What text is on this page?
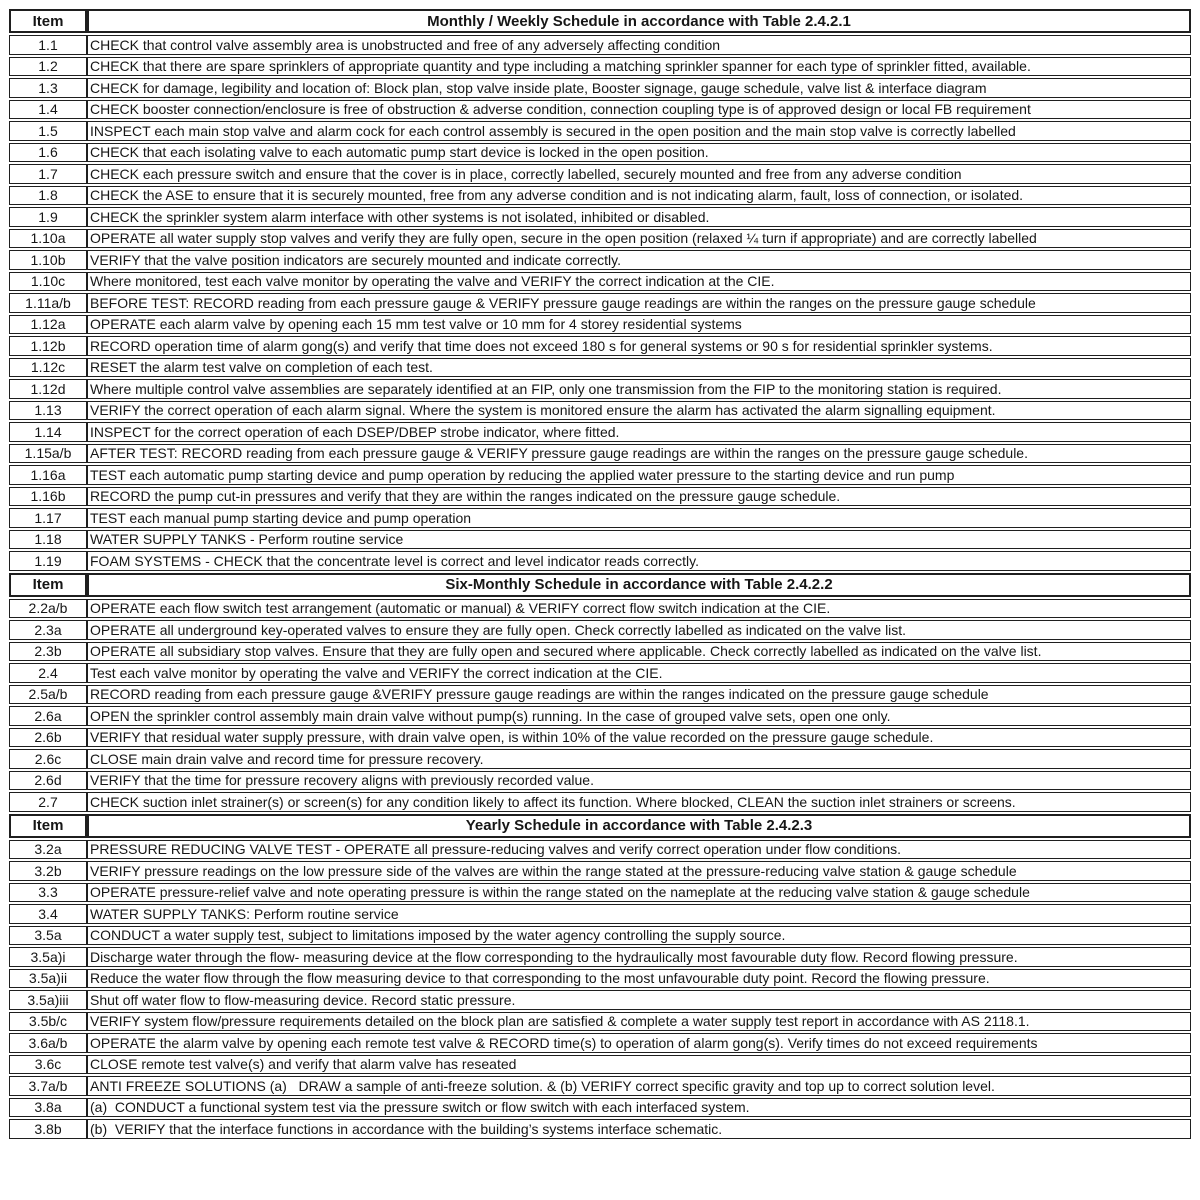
Item	Monthly / Weekly Schedule in accordance with Table 2.4.2.1
1.1	CHECK that control valve assembly area is unobstructed and free of any adversely affecting condition
1.2	CHECK that there are spare sprinklers of appropriate quantity and type including a matching sprinkler spanner for each type of sprinkler fitted, available.
1.3	CHECK for damage, legibility and location of: Block plan, stop valve inside plate, Booster signage, gauge schedule, valve list & interface diagram
1.4	CHECK booster connection/enclosure is free of obstruction & adverse condition, connection coupling type is of approved design or local FB requirement
1.5	INSPECT each main stop valve and alarm cock for each control assembly is secured in the open position and the main stop valve is correctly labelled
1.6	CHECK that each isolating valve to each automatic pump start device is locked in the open position.
1.7	CHECK each pressure switch and ensure that the cover is in place, correctly labelled, securely mounted and free from any adverse condition
1.8	CHECK the ASE to ensure that it is securely mounted, free from any adverse condition and is not indicating alarm, fault, loss of connection, or isolated.
1.9	CHECK the sprinkler system alarm interface with other systems is not isolated, inhibited or disabled.
1.10a	OPERATE all water supply stop valves and verify they are fully open, secure in the open position (relaxed ¼ turn if appropriate) and are correctly labelled
1.10b	VERIFY that the valve position indicators are securely mounted and indicate correctly.
1.10c	Where monitored, test each valve monitor by operating the valve and VERIFY the correct indication at the CIE.
1.11a/b	BEFORE TEST: RECORD reading from each pressure gauge & VERIFY pressure gauge readings are within the ranges on the pressure gauge schedule
1.12a	OPERATE each alarm valve by opening each 15 mm test valve or 10 mm for 4 storey residential systems
1.12b	RECORD operation time of alarm gong(s) and verify that time does not exceed 180 s for general systems or 90 s for residential sprinkler systems.
1.12c	RESET the alarm test valve on completion of each test.
1.12d	Where multiple control valve assemblies are separately identified at an FIP, only one transmission from the FIP to the monitoring station is required.
1.13	VERIFY the correct operation of each alarm signal. Where the system is monitored ensure the alarm has activated the alarm signalling equipment.
1.14	INSPECT for the correct operation of each DSEP/DBEP strobe indicator, where fitted.
1.15a/b	AFTER TEST: RECORD reading from each pressure gauge & VERIFY pressure gauge readings are within the ranges on the pressure gauge schedule.
1.16a	TEST each automatic pump starting device and pump operation by reducing the applied water pressure to the starting device and run pump
1.16b	RECORD the pump cut-in pressures and verify that they are within the ranges indicated on the pressure gauge schedule.
1.17	TEST each manual pump starting device and pump operation
1.18	WATER SUPPLY TANKS - Perform routine service
1.19	FOAM SYSTEMS - CHECK that the concentrate level is correct and level indicator reads correctly.
Item	Six-Monthly Schedule in accordance with Table 2.4.2.2
2.2a/b	OPERATE each flow switch test arrangement (automatic or manual) & VERIFY correct flow switch indication at the CIE.
2.3a	OPERATE all underground key-operated valves to ensure they are fully open. Check correctly labelled as indicated on the valve list.
2.3b	OPERATE all subsidiary stop valves. Ensure that they are fully open and secured where applicable. Check correctly labelled as indicated on the valve list.
2.4	Test each valve monitor by operating the valve and VERIFY the correct indication at the CIE.
2.5a/b	RECORD reading from each pressure gauge &VERIFY pressure gauge readings are within the ranges indicated on the pressure gauge schedule
2.6a	OPEN the sprinkler control assembly main drain valve without pump(s) running. In the case of grouped valve sets, open one only.
2.6b	VERIFY that residual water supply pressure, with drain valve open, is within 10% of the value recorded on the pressure gauge schedule.
2.6c	CLOSE main drain valve and record time for pressure recovery.
2.6d	VERIFY that the time for pressure recovery aligns with previously recorded value.
2.7	CHECK suction inlet strainer(s) or screen(s) for any condition likely to affect its function. Where blocked, CLEAN the suction inlet strainers or screens.
Item	Yearly Schedule in accordance with Table 2.4.2.3
3.2a	PRESSURE REDUCING VALVE TEST - OPERATE all pressure-reducing valves and verify correct operation under flow conditions.
3.2b	VERIFY pressure readings on the low pressure side of the valves are within the range stated at the pressure-reducing valve station & gauge schedule
3.3	OPERATE pressure-relief valve and note operating pressure is within the range stated on the nameplate at the reducing valve station & gauge schedule
3.4	WATER SUPPLY TANKS: Perform routine service
3.5a	CONDUCT a water supply test, subject to limitations imposed by the water agency controlling the supply source.
3.5a)i	Discharge water through the flow- measuring device at the flow corresponding to the hydraulically most favourable duty flow. Record flowing pressure.
3.5a)ii	Reduce the water flow through the flow measuring device to that corresponding to the most unfavourable duty point. Record the flowing pressure.
3.5a)iii	Shut off water flow to flow-measuring device. Record static pressure.
3.5b/c	VERIFY system flow/pressure requirements detailed on the block plan are satisfied & complete a water supply test report in accordance with AS 2118.1.
3.6a/b	OPERATE the alarm valve by opening each remote test valve & RECORD time(s) to operation of alarm gong(s). Verify times do not exceed requirements
3.6c	CLOSE remote test valve(s) and verify that alarm valve has reseated
3.7a/b	ANTI FREEZE SOLUTIONS (a)   DRAW a sample of anti-freeze solution. & (b) VERIFY correct specific gravity and top up to correct solution level.
3.8a	(a)  CONDUCT a functional system test via the pressure switch or flow switch with each interfaced system.
3.8b	(b)  VERIFY that the interface functions in accordance with the building’s systems interface schematic.
